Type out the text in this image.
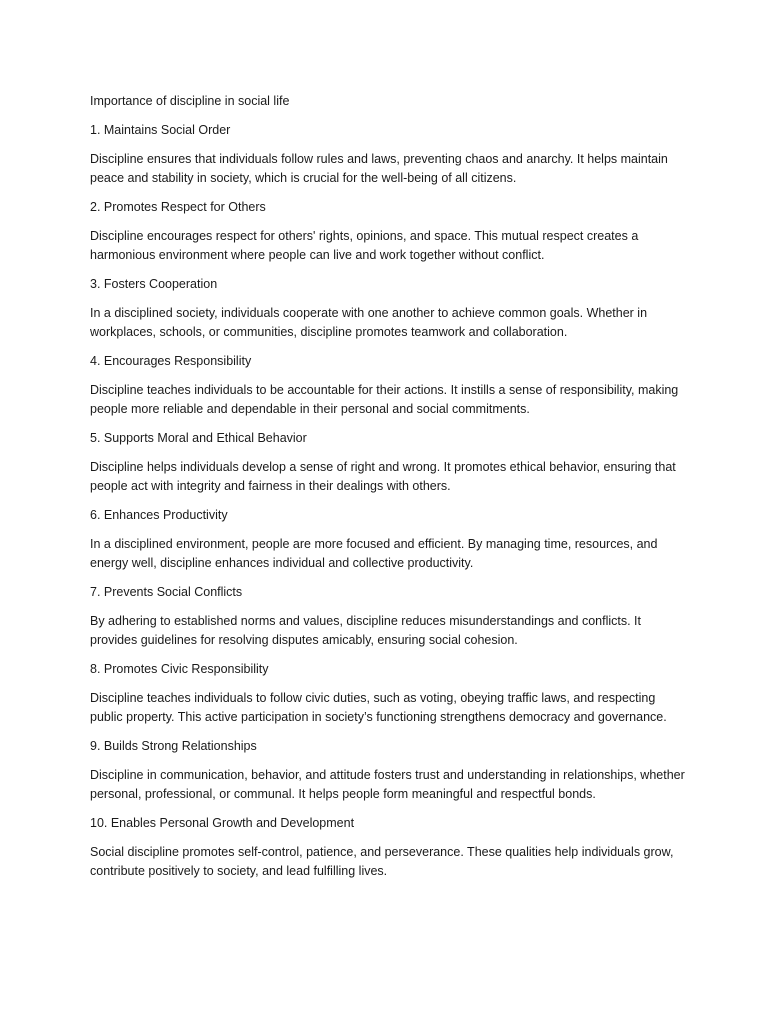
Importance of discipline in social life

1. Maintains Social Order

Discipline ensures that individuals follow rules and laws, preventing chaos and anarchy. It helps maintain peace and stability in society, which is crucial for the well-being of all citizens.

2. Promotes Respect for Others

Discipline encourages respect for others' rights, opinions, and space. This mutual respect creates a harmonious environment where people can live and work together without conflict.

3. Fosters Cooperation

In a disciplined society, individuals cooperate with one another to achieve common goals. Whether in workplaces, schools, or communities, discipline promotes teamwork and collaboration.

4. Encourages Responsibility

Discipline teaches individuals to be accountable for their actions. It instills a sense of responsibility, making people more reliable and dependable in their personal and social commitments.

5. Supports Moral and Ethical Behavior

Discipline helps individuals develop a sense of right and wrong. It promotes ethical behavior, ensuring that people act with integrity and fairness in their dealings with others.

6. Enhances Productivity

In a disciplined environment, people are more focused and efficient. By managing time, resources, and energy well, discipline enhances individual and collective productivity.

7. Prevents Social Conflicts

By adhering to established norms and values, discipline reduces misunderstandings and conflicts. It provides guidelines for resolving disputes amicably, ensuring social cohesion.

8. Promotes Civic Responsibility

Discipline teaches individuals to follow civic duties, such as voting, obeying traffic laws, and respecting public property. This active participation in society’s functioning strengthens democracy and governance.

9. Builds Strong Relationships

Discipline in communication, behavior, and attitude fosters trust and understanding in relationships, whether personal, professional, or communal. It helps people form meaningful and respectful bonds.

10. Enables Personal Growth and Development

Social discipline promotes self-control, patience, and perseverance. These qualities help individuals grow, contribute positively to society, and lead fulfilling lives.
